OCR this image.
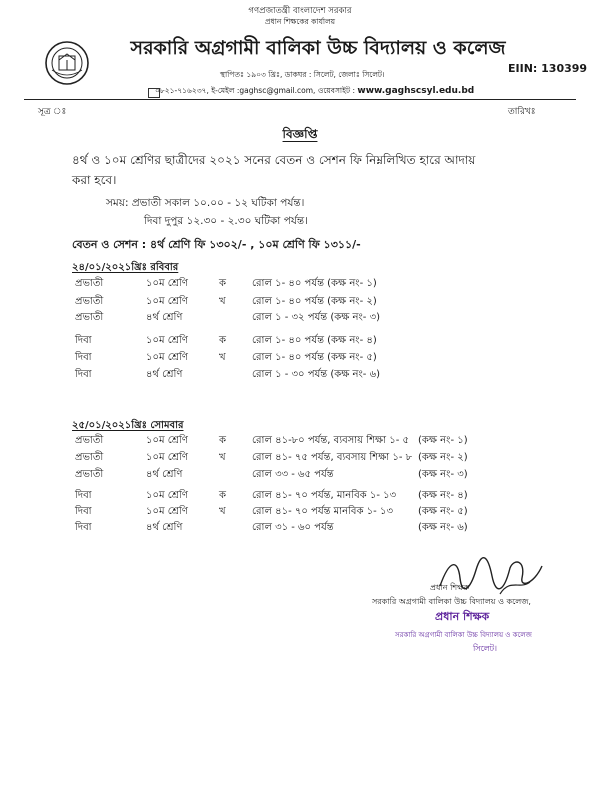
গণপ্রজাতন্ত্রী বাংলাদেশ সরকার
প্রধান শিক্ষকের কার্যালয়
সরকারি অগ্রগামী বালিকা উচ্চ বিদ্যালয় ও কলেজ
স্থাপিতঃ ১৯০৩ খ্রিঃ, ডাকঘর : সিলেট, জেলাঃ সিলেট।	EIIN: 130399
০৮২১-৭১৬২৩৭, ই-মেইল :gaghsc@gmail.com, ওয়েবসাইট : www.gaghscsyl.edu.bd
সূত্র ঃ	তারিখঃ
বিজ্ঞপ্তি
৪র্থ ও ১০ম শ্রেণির ছাত্রীদের ২০২১ সনের বেতন ও সেশন ফি নিম্নলিখিত হারে আদায়
করা হবে।
সময়: প্রভাতী সকাল ১০.০০ - ১২ ঘটিকা পর্যন্ত।
দিবা দুপুর ১২.৩০ - ২.৩০ ঘটিকা পর্যন্ত।
বেতন ও সেশন : ৪র্থ শ্রেণি ফি ১৩০২/- , ১০ম শ্রেণি ফি ১৩১১/-
২৪/০১/২০২১খ্রিঃ রবিবার
প্রভাতী	১০ম শ্রেণি	ক	রোল ১- ৪০ পর্যন্ত (কক্ষ নং- ১)
প্রভাতী	১০ম শ্রেণি	খ	রোল ১- ৪০ পর্যন্ত (কক্ষ নং- ২)
প্রভাতী	৪র্থ শ্রেণি	রোল ১ - ৩২ পর্যন্ত (কক্ষ নং- ৩)
দিবা	১০ম শ্রেণি	ক	রোল ১- ৪০ পর্যন্ত (কক্ষ নং- ৪)
দিবা	১০ম শ্রেণি	খ	রোল ১- ৪০ পর্যন্ত (কক্ষ নং- ৫)
দিবা	৪র্থ শ্রেণি	রোল ১ - ৩০ পর্যন্ত (কক্ষ নং- ৬)
২৫/০১/২০২১খ্রিঃ সোমবার
প্রভাতী	১০ম শ্রেণি	ক	রোল ৪১-৮০ পর্যন্ত, ব্যবসায় শিক্ষা ১- ৫ (কক্ষ নং- ১)
প্রভাতী	১০ম শ্রেণি	খ	রোল ৪১- ৭৫ পর্যন্ত, ব্যবসায় শিক্ষা ১- ৮ (কক্ষ নং- ২)
প্রভাতী	৪র্থ শ্রেণি	রোল ৩৩ - ৬৫ পর্যন্ত	(কক্ষ নং- ৩)
দিবা	১০ম শ্রেণি	ক	রোল ৪১- ৭০ পর্যন্ত, মানবিক ১- ১৩ (কক্ষ নং- ৪)
দিবা	১০ম শ্রেণি	খ	রোল ৪১- ৭০ পর্যন্ত মানবিক ১- ১৩	(কক্ষ নং- ৫)
দিবা	৪র্থ শ্রেণি	রোল ৩১ - ৬০ পর্যন্ত	(কক্ষ নং- ৬)
প্রধান শিক্ষক
সরকারি অগ্রগামী বালিকা উচ্চ বিদ্যালয় ও কলেজ,
প্রধান শিক্ষক
সরকারি অগ্রগামী বালিকা উচ্চ বিদ্যালয় ও কলেজ
সিলেট।
